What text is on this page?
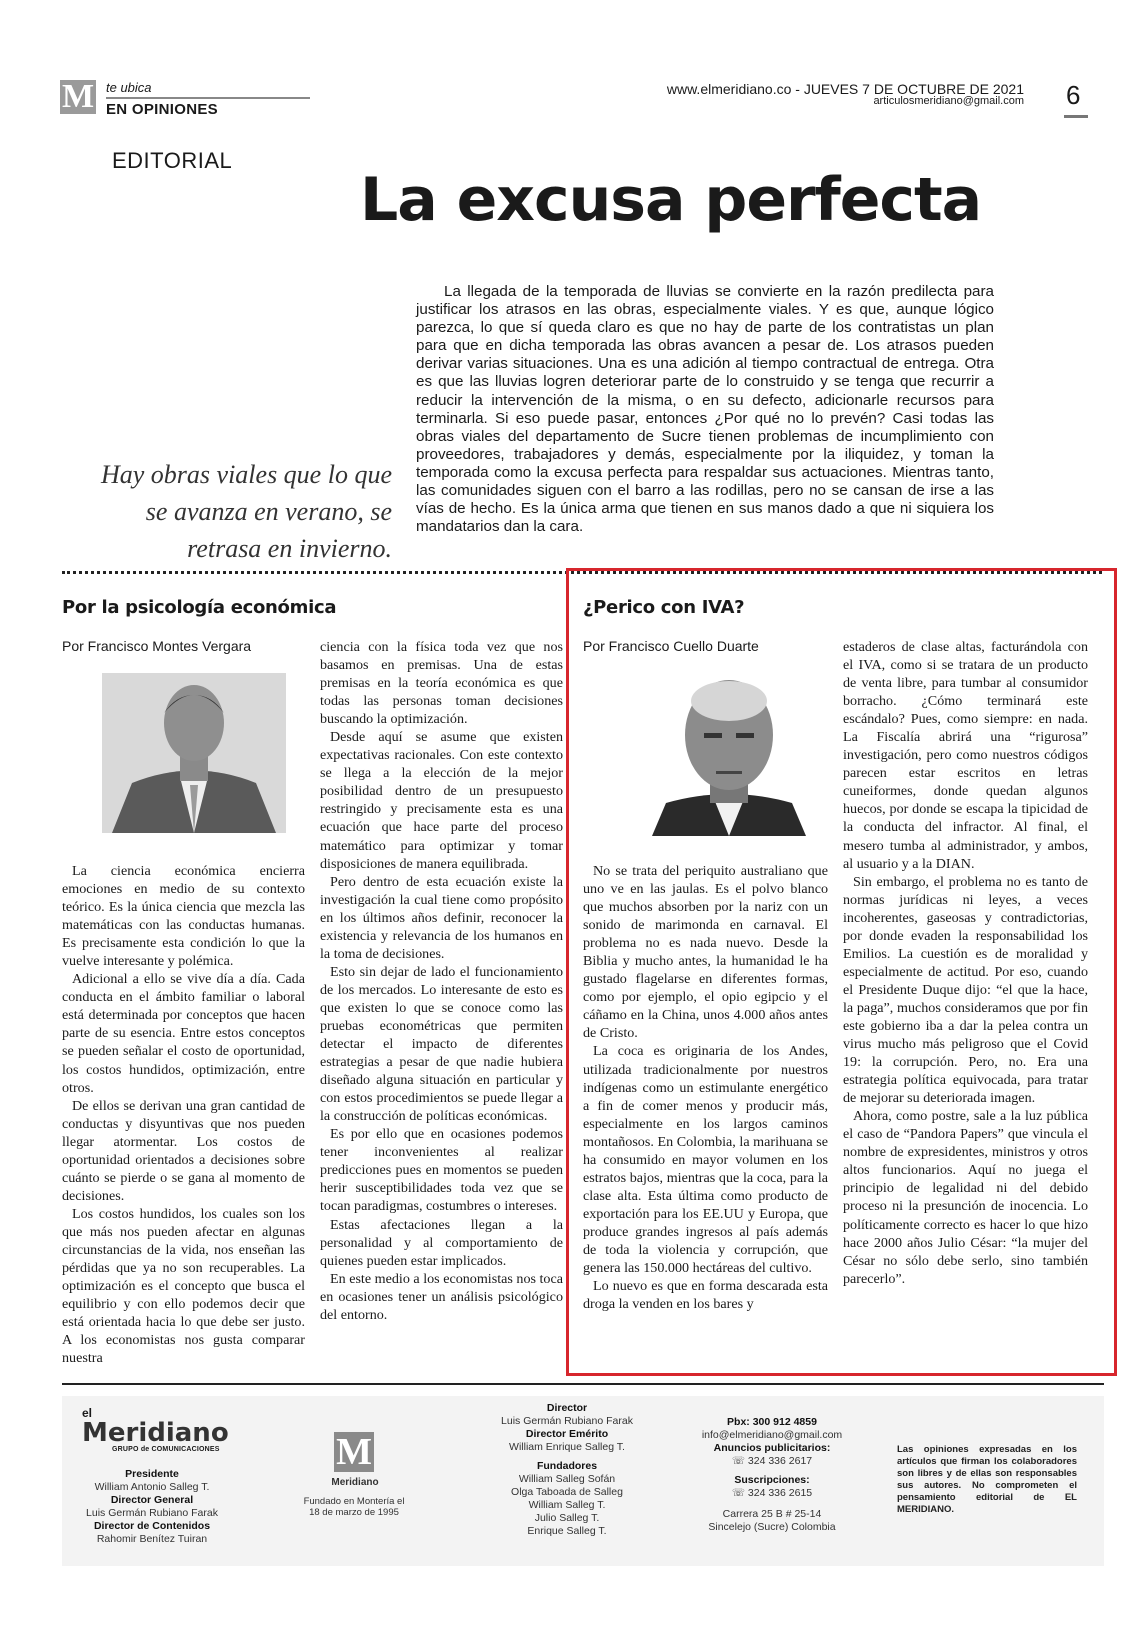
M te ubica
EN OPINIONES
www.elmeridiano.co - JUEVES 7 DE OCTUBRE DE 2021
articulosmeridiano@gmail.com 6
EDITORIAL
La excusa perfecta

La llegada de la temporada de lluvias se convierte en la razón predilecta para justificar los atrasos en las obras, especialmente viales. Y es que, aunque lógico parezca, lo que sí queda claro es que no hay de parte de los contratistas un plan para que en dicha temporada las obras avancen a pesar de. Los atrasos pueden derivar varias situaciones. Una es una adición al tiempo contractual de entrega. Otra es que las lluvias logren deteriorar parte de lo construido y se tenga que recurrir a reducir la intervención de la misma, o en su defecto, adicionarle recursos para terminarla. Si eso puede pasar, entonces ¿Por qué no lo prevén? Casi todas las obras viales del departamento de Sucre tienen problemas de incumplimiento con proveedores, trabajadores y demás, especialmente por la iliquidez, y toman la temporada como la excusa perfecta para respaldar sus actuaciones. Mientras tanto, las comunidades siguen con el barro a las rodillas, pero no se cansan de irse a las vías de hecho. Es la única arma que tienen en sus manos dado a que ni siquiera los mandatarios dan la cara.

Hay obras viales que lo que se avanza en verano, se retrasa en invierno.
Por la psicología económica
Por Francisco Montes Vergara

La ciencia económica encierra emociones en medio de su contexto teórico. Es la única ciencia que mezcla las matemáticas con las conductas humanas. Es precisamente esta condición lo que la vuelve interesante y polémica.

Adicional a ello se vive día a día. Cada conducta en el ámbito familiar o laboral está determinada por conceptos que hacen parte de su esencia. Entre estos conceptos se pueden señalar el costo de oportunidad, los costos hundidos, optimización, entre otros.

De ellos se derivan una gran cantidad de conductas y disyuntivas que nos pueden llegar atormentar. Los costos de oportunidad orientados a decisiones sobre cuánto se pierde o se gana al momento de decisiones.

Los costos hundidos, los cuales son los que más nos pueden afectar en algunas circunstancias de la vida, nos enseñan las pérdidas que ya no son recuperables. La optimización es el concepto que busca el equilibrio y con ello podemos decir que está orientada hacia lo que debe ser justo. A los economistas nos gusta comparar nuestra

ciencia con la física toda vez que nos basamos en premisas. Una de estas premisas en la teoría económica es que todas las personas toman decisiones buscando la optimización.

Desde aquí se asume que existen expectativas racionales. Con este contexto se llega a la elección de la mejor posibilidad dentro de un presupuesto restringido y precisamente esta es una ecuación que hace parte del proceso matemático para optimizar y tomar disposiciones de manera equilibrada.

Pero dentro de esta ecuación existe la investigación la cual tiene como propósito en los últimos años definir, reconocer la existencia y relevancia de los humanos en la toma de decisiones.

Esto sin dejar de lado el funcionamiento de los mercados. Lo interesante de esto es que existen lo que se conoce como las pruebas econométricas que permiten detectar el impacto de diferentes estrategias a pesar de que nadie hubiera diseñado alguna situación en particular y con estos procedimientos se puede llegar a la construcción de políticas económicas.

Es por ello que en ocasiones podemos tener inconvenientes al realizar predicciones pues en momentos se pueden herir susceptibilidades toda vez que se tocan paradigmas, costumbres o intereses.

Estas afectaciones llegan a la personalidad y al comportamiento de quienes pueden estar implicados.

En este medio a los economistas nos toca en ocasiones tener un análisis psicológico del entorno.

¿Perico con IVA?
Por Francisco Cuello Duarte

No se trata del periquito australiano que uno ve en las jaulas. Es el polvo blanco que muchos absorben por la nariz con un sonido de marimonda en carnaval. El problema no es nada nuevo. Desde la Biblia y mucho antes, la humanidad le ha gustado flagelarse en diferentes formas, como por ejemplo, el opio egipcio y el cáñamo en la China, unos 4.000 años antes de Cristo.

La coca es originaria de los Andes, utilizada tradicionalmente por nuestros indígenas como un estimulante energético a fin de comer menos y producir más, especialmente en los largos caminos montañosos. En Colombia, la marihuana se ha consumido en mayor volumen en los estratos bajos, mientras que la coca, para la clase alta. Esta última como producto de exportación para los EE.UU y Europa, que produce grandes ingresos al país además de toda la violencia y corrupción, que genera las 150.000 hectáreas del cultivo.

Lo nuevo es que en forma descarada esta droga la venden en los bares y

estaderos de clase altas, facturándola con el IVA, como si se tratara de un producto de venta libre, para tumbar al consumidor borracho. ¿Cómo terminará este escándalo? Pues, como siempre: en nada. La Fiscalía abrirá una “rigurosa” investigación, pero como nuestros códigos parecen estar escritos en letras cuneiformes, donde quedan algunos huecos, por donde se escapa la tipicidad de la conducta del infractor. Al final, el mesero tumba al administrador, y ambos, al usuario y a la DIAN.

Sin embargo, el problema no es tanto de normas jurídicas ni leyes, a veces incoherentes, gaseosas y contradictorias, por donde evaden la responsabilidad los Emilios. La cuestión es de moralidad y especialmente de actitud. Por eso, cuando el Presidente Duque dijo: “el que la hace, la paga”, muchos consideramos que por fin este gobierno iba a dar la pelea contra un virus mucho más peligroso que el Covid 19: la corrupción. Pero, no. Era una estrategia política equivocada, para tratar de mejorar su deteriorada imagen.

Ahora, como postre, sale a la luz pública el caso de “Pandora Papers” que vincula el nombre de expresidentes, ministros y otros altos funcionarios. Aquí no juega el principio de legalidad ni del debido proceso ni la presunción de inocencia. Lo políticamente correcto es hacer lo que hizo hace 2000 años Julio César: “la mujer del César no sólo debe serlo, sino también parecerlo”.

el
Meridiano
GRUPO de COMUNICACIONES
Presidente
William Antonio Salleg T.
Director General
Luis Germán Rubiano Farak
Director de Contenidos
Rahomir Benítez Tuiran
M
Meridiano
Fundado en Montería el 18 de marzo de 1995
Director
Luis Germán Rubiano Farak
Director Emérito
William Enrique Salleg T.

Fundadores
William Salleg Sofán
Olga Taboada de Salleg
William Salleg T.
Julio Salleg T.
Enrique Salleg T.
Pbx: 300 912 4859
info@elmeridiano@gmail.com
Anuncios publicitarios:
☏ 324 336 2617

Suscripciones:
☏ 324 336 2615

Carrera 25 B # 25-14
Sincelejo (Sucre) Colombia
Las opiniones expresadas en los artículos que firman los colaboradores son libres y de ellas son responsables sus autores. No comprometen el pensamiento editorial de EL MERIDIANO.
